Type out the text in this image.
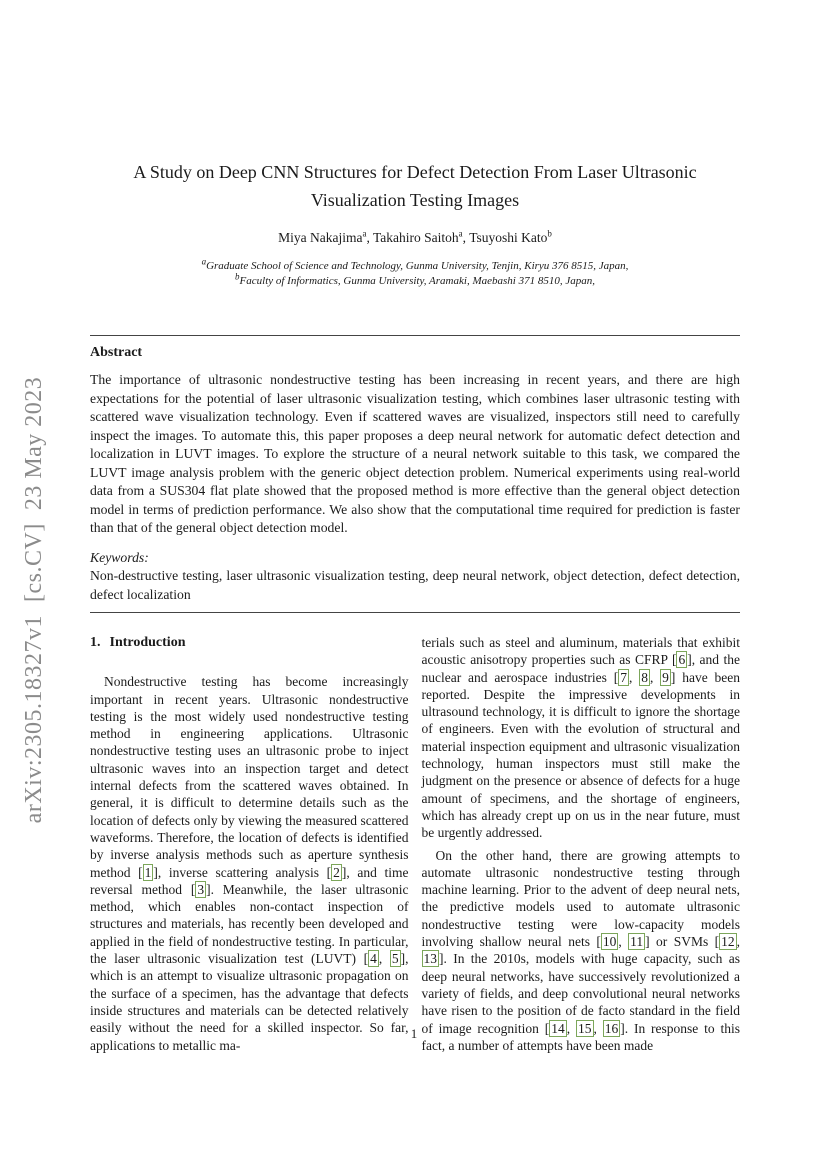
arXiv:2305.18327v1  [cs.CV]  23 May 2023
A Study on Deep CNN Structures for Defect Detection From Laser Ultrasonic
Visualization Testing Images
Miya Nakajima$^a$, Takahiro Saitoh$^a$, Tsuyoshi Kato$^b$
$^a$Graduate School of Science and Technology, Gunma University, Tenjin, Kiryu 376 8515, Japan,
$^b$Faculty of Informatics, Gunma University, Aramaki, Maebashi 371 8510, Japan,
Abstract
The importance of ultrasonic nondestructive testing has been increasing in recent years, and there are high expectations for the potential of laser ultrasonic visualization testing, which combines laser ultrasonic testing with scattered wave visualization technology. Even if scattered waves are visualized, inspectors still need to carefully inspect the images. To automate this, this paper proposes a deep neural network for automatic defect detection and localization in LUVT images. To explore the structure of a neural network suitable to this task, we compared the LUVT image analysis problem with the generic object detection problem. Numerical experiments using real-world data from a SUS304 flat plate showed that the proposed method is more effective than the general object detection model in terms of prediction performance. We also show that the computational time required for prediction is faster than that of the general object detection model.
Keywords:
Non-destructive testing, laser ultrasonic visualization testing, deep neural network, object detection, defect detection, defect localization
1. Introduction

Nondestructive testing has become increasingly important in recent years. Ultrasonic nondestructive testing is the most widely used nondestructive testing method in engineering applications. Ultrasonic nondestructive testing uses an ultrasonic probe to inject ultrasonic waves into an inspection target and detect internal defects from the scattered waves obtained. In general, it is difficult to determine details such as the location of defects only by viewing the measured scattered waveforms. Therefore, the location of defects is identified by inverse analysis methods such as aperture synthesis method [ 1 ], inverse scattering analysis [ 2 ], and time reversal method [ 3 ]. Meanwhile, the laser ultrasonic method, which enables non-contact inspection of structures and materials, has recently been developed and applied in the field of nondestructive testing. In particular, the laser ultrasonic visualization test (LUVT) [ 4 , 5 ], which is an attempt to visualize ultrasonic propagation on the surface of a specimen, has the advantage that defects inside structures and materials can be detected relatively easily without the need for a skilled inspector. So far, applications to metallic ma-

terials such as steel and aluminum, materials that exhibit acoustic anisotropy properties such as CFRP [ 6 ], and the nuclear and aerospace industries [ 7 , 8 , 9 ] have been reported. Despite the impressive developments in ultrasound technology, it is difficult to ignore the shortage of engineers. Even with the evolution of structural and material inspection equipment and ultrasonic visualization technology, human inspectors must still make the judgment on the presence or absence of defects for a huge amount of specimens, and the shortage of engineers, which has already crept up on us in the near future, must be urgently addressed.

On the other hand, there are growing attempts to automate ultrasonic nondestructive testing through machine learning. Prior to the advent of deep neural nets, the predictive models used to automate ultrasonic nondestructive testing were low-capacity models involving shallow neural nets [ 10 , 11 ] or SVMs [ 12 , 13 ]. In the 2010s, models with huge capacity, such as deep neural networks, have successively revolutionized a variety of fields, and deep convolutional neural networks have risen to the position of de facto standard in the field of image recognition [ 14 , 15 , 16 ]. In response to this fact, a number of attempts have been made

1
